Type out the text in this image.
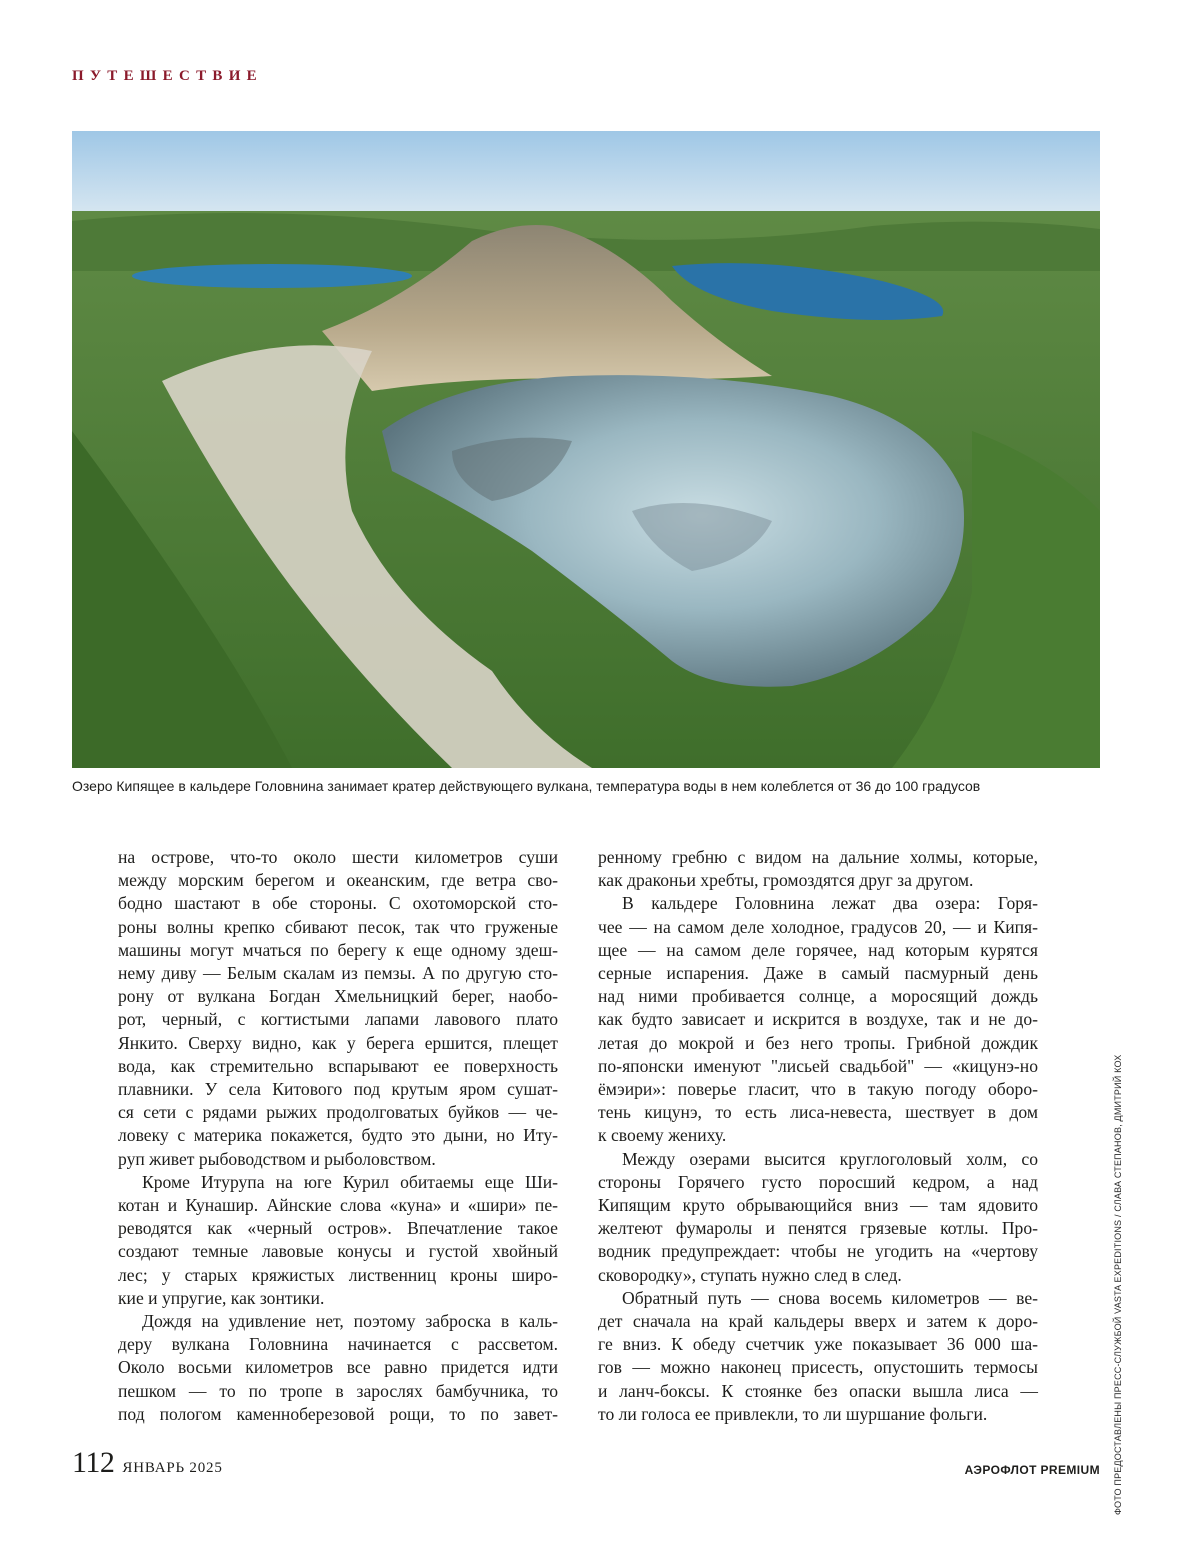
ПУТЕШЕСТВИЕ
Озеро Кипящее в кальдере Головнина занимает кратер действующего вулкана, температура воды в нем колеблется от 36 до 100 градусов

на острове, что-то около шести километров суши
между морским берегом и океанским, где ветра сво-
бодно шастают в обе стороны. С охотоморской сто-
роны волны крепко сбивают песок, так что груженые
машины могут мчаться по берегу к еще одному здеш-
нему диву — Белым скалам из пемзы. А по другую сто-
рону от вулкана Богдан Хмельницкий берег, наобо-
рот, черный, с когтистыми лапами лавового плато
Янкито. Сверху видно, как у берега ершится, плещет
вода, как стремительно вспарывают ее поверхность
плавники. У села Китового под крутым яром сушат-
ся сети с рядами рыжих продолговатых буйков — че-
ловеку с материка покажется, будто это дыни, но Иту-
руп живет рыбоводством и рыболовством.

Кроме Итурупа на юге Курил обитаемы еще Ши-
котан и Кунашир. Айнские слова «куна» и «шири» пе-
реводятся как «черный остров». Впечатление такое
создают темные лавовые конусы и густой хвойный
лес; у старых кряжистых лиственниц кроны широ-
кие и упругие, как зонтики.

Дождя на удивление нет, поэтому заброска в каль-
деру вулкана Головнина начинается с рассветом.
Около восьми километров все равно придется идти
пешком — то по тропе в зарослях бамбучника, то
под пологом каменноберезовой рощи, то по завет-

ренному гребню с видом на дальние холмы, которые,
как драконьи хребты, громоздятся друг за другом.

В кальдере Головнина лежат два озера: Горя-
чее — на самом деле холодное, градусов 20, — и Кипя-
щее — на самом деле горячее, над которым курятся
серные испарения. Даже в самый пасмурный день
над ними пробивается солнце, а моросящий дождь
как будто зависает и искрится в воздухе, так и не до-
летая до мокрой и без него тропы. Грибной дождик
по-японски именуют "лисьей свадьбой" — «кицунэ-но
ёмэири»: поверье гласит, что в такую погоду оборо-
тень кицунэ, то есть лиса-невеста, шествует в дом
к своему жениху.

Между озерами высится круглоголовый холм, со
стороны Горячего густо поросший кедром, а над
Кипящим круто обрывающийся вниз — там ядовито
желтеют фумаролы и пенятся грязевые котлы. Про-
водник предупреждает: чтобы не угодить на «чертову
сковородку», ступать нужно след в след.

Обратный путь — снова восемь километров — ве-
дет сначала на край кальдеры вверх и затем к доро-
ге вниз. К обеду счетчик уже показывает 36 000 ша-
гов — можно наконец присесть, опустошить термосы
и ланч-боксы. К стоянке без опаски вышла лиса —
то ли голоса ее привлекли, то ли шуршание фольги.	ФОТО ПРЕДОСТАВЛЕНЫ ПРЕСС-СЛУЖБОЙ VASTA EXPEDITIONS / СЛАВА СТЕПАНОВ, ДМИТРИЙ КОХ
112 ЯНВАРЬ 2025	АЭРОФЛОТ PREMIUM
